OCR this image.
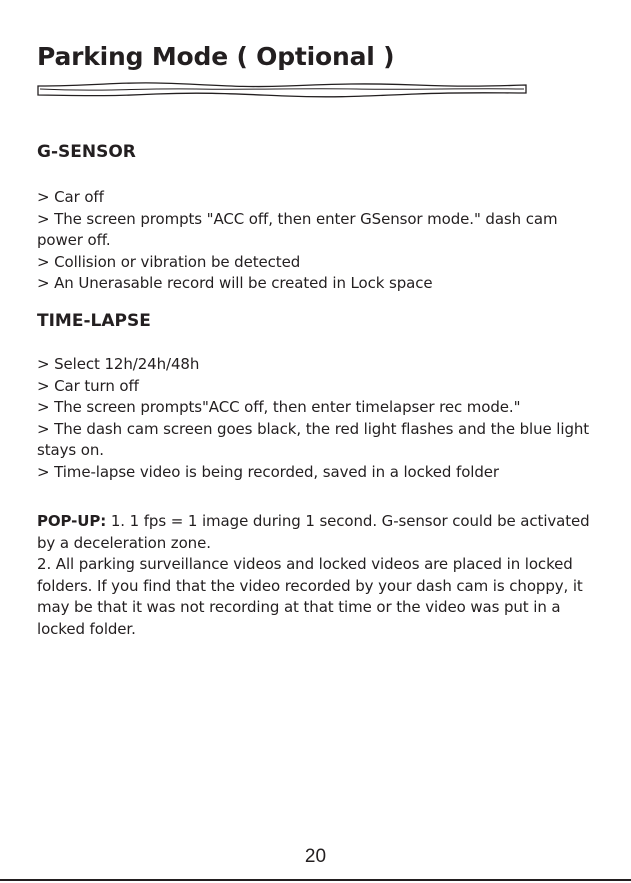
Parking Mode ( Optional )
G-SENSOR

> Car off

> The screen prompts "ACC off, then enter GSensor mode." dash cam power off.

> Collision or vibration be detected

> An Unerasable record will be created in Lock space

TIME-LAPSE

> Select 12h/24h/48h

> Car turn off

> The screen prompts"ACC off, then enter timelapser rec mode."

> The dash cam screen goes black, the red light flashes and the blue light stays on.

> Time-lapse video is being recorded, saved in a locked folder

POP-UP: 1. 1 fps = 1 image during 1 second. G-sensor could be activated by a deceleration zone.

2. All parking surveillance videos and locked videos are placed in locked folders. If you find that the video recorded by your dash cam is choppy, it may be that it was not recording at that time or the video was put in a locked folder.

20
